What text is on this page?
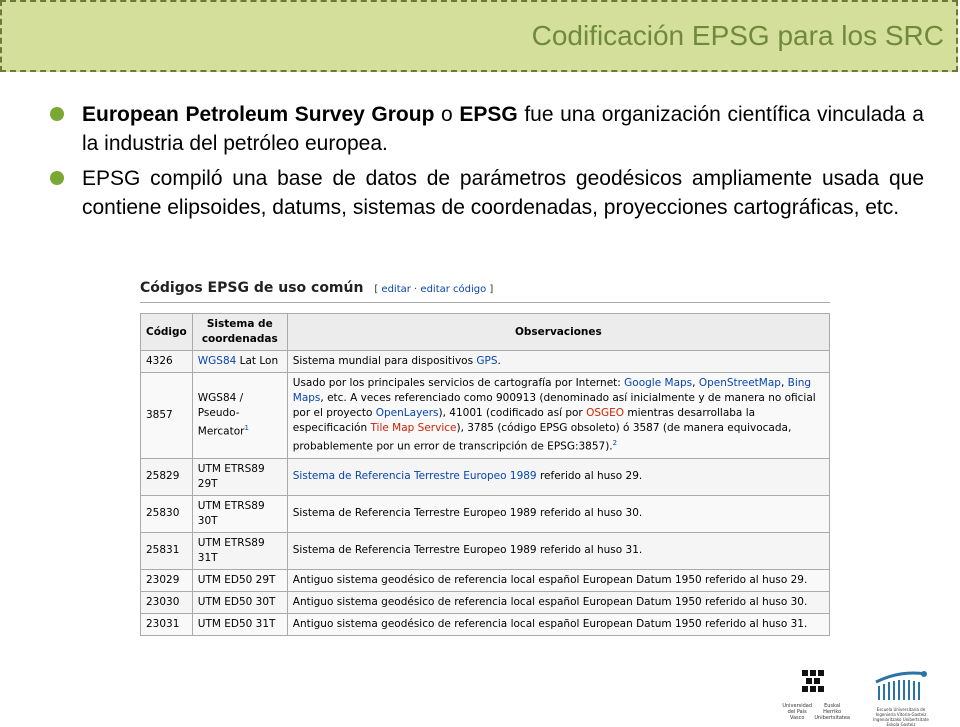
Codificación EPSG para los SRC
European Petroleum Survey Group o EPSG fue una organización científica vinculada a la industria del petróleo europea.
EPSG compiló una base de datos de parámetros geodésicos ampliamente usada que contiene elipsoides, datums, sistemas de coordenadas, proyecciones cartográficas, etc.
Códigos EPSG de uso común [ editar · editar código ]
Código	Sistema de coordenadas	Observaciones
4326	WGS84 Lat Lon	Sistema mundial para dispositivos GPS.
3857	WGS84 / Pseudo-Mercator$^1$	Usado por los principales servicios de cartografía por Internet: Google Maps, OpenStreetMap, Bing Maps, etc. A veces referenciado como 900913 (denominado así inicialmente y de manera no oficial por el proyecto OpenLayers), 41001 (codificado así por OSGEO mientras desarrollaba la especificación Tile Map Service), 3785 (código EPSG obsoleto) ó 3587 (de manera equivocada, probablemente por un error de transcripción de EPSG:3857).$^2$
25829	UTM ETRS89 29T	Sistema de Referencia Terrestre Europeo 1989 referido al huso 29.
25830	UTM ETRS89 30T	Sistema de Referencia Terrestre Europeo 1989 referido al huso 30.
25831	UTM ETRS89 31T	Sistema de Referencia Terrestre Europeo 1989 referido al huso 31.
23029	UTM ED50 29T	Antiguo sistema geodésico de referencia local español European Datum 1950 referido al huso 29.
23030	UTM ED50 30T	Antiguo sistema geodésico de referencia local español European Datum 1950 referido al huso 30.
23031	UTM ED50 31T	Antiguo sistema geodésico de referencia local español European Datum 1950 referido al huso 31.
Universidad
del País Vasco
Euskal Herriko
Unibertsitatea
Escuela Universitaria de Ingeniería Vitoria-Gasteiz
Ingeniaritzako Unibertsitate Eskola Gasteiz
